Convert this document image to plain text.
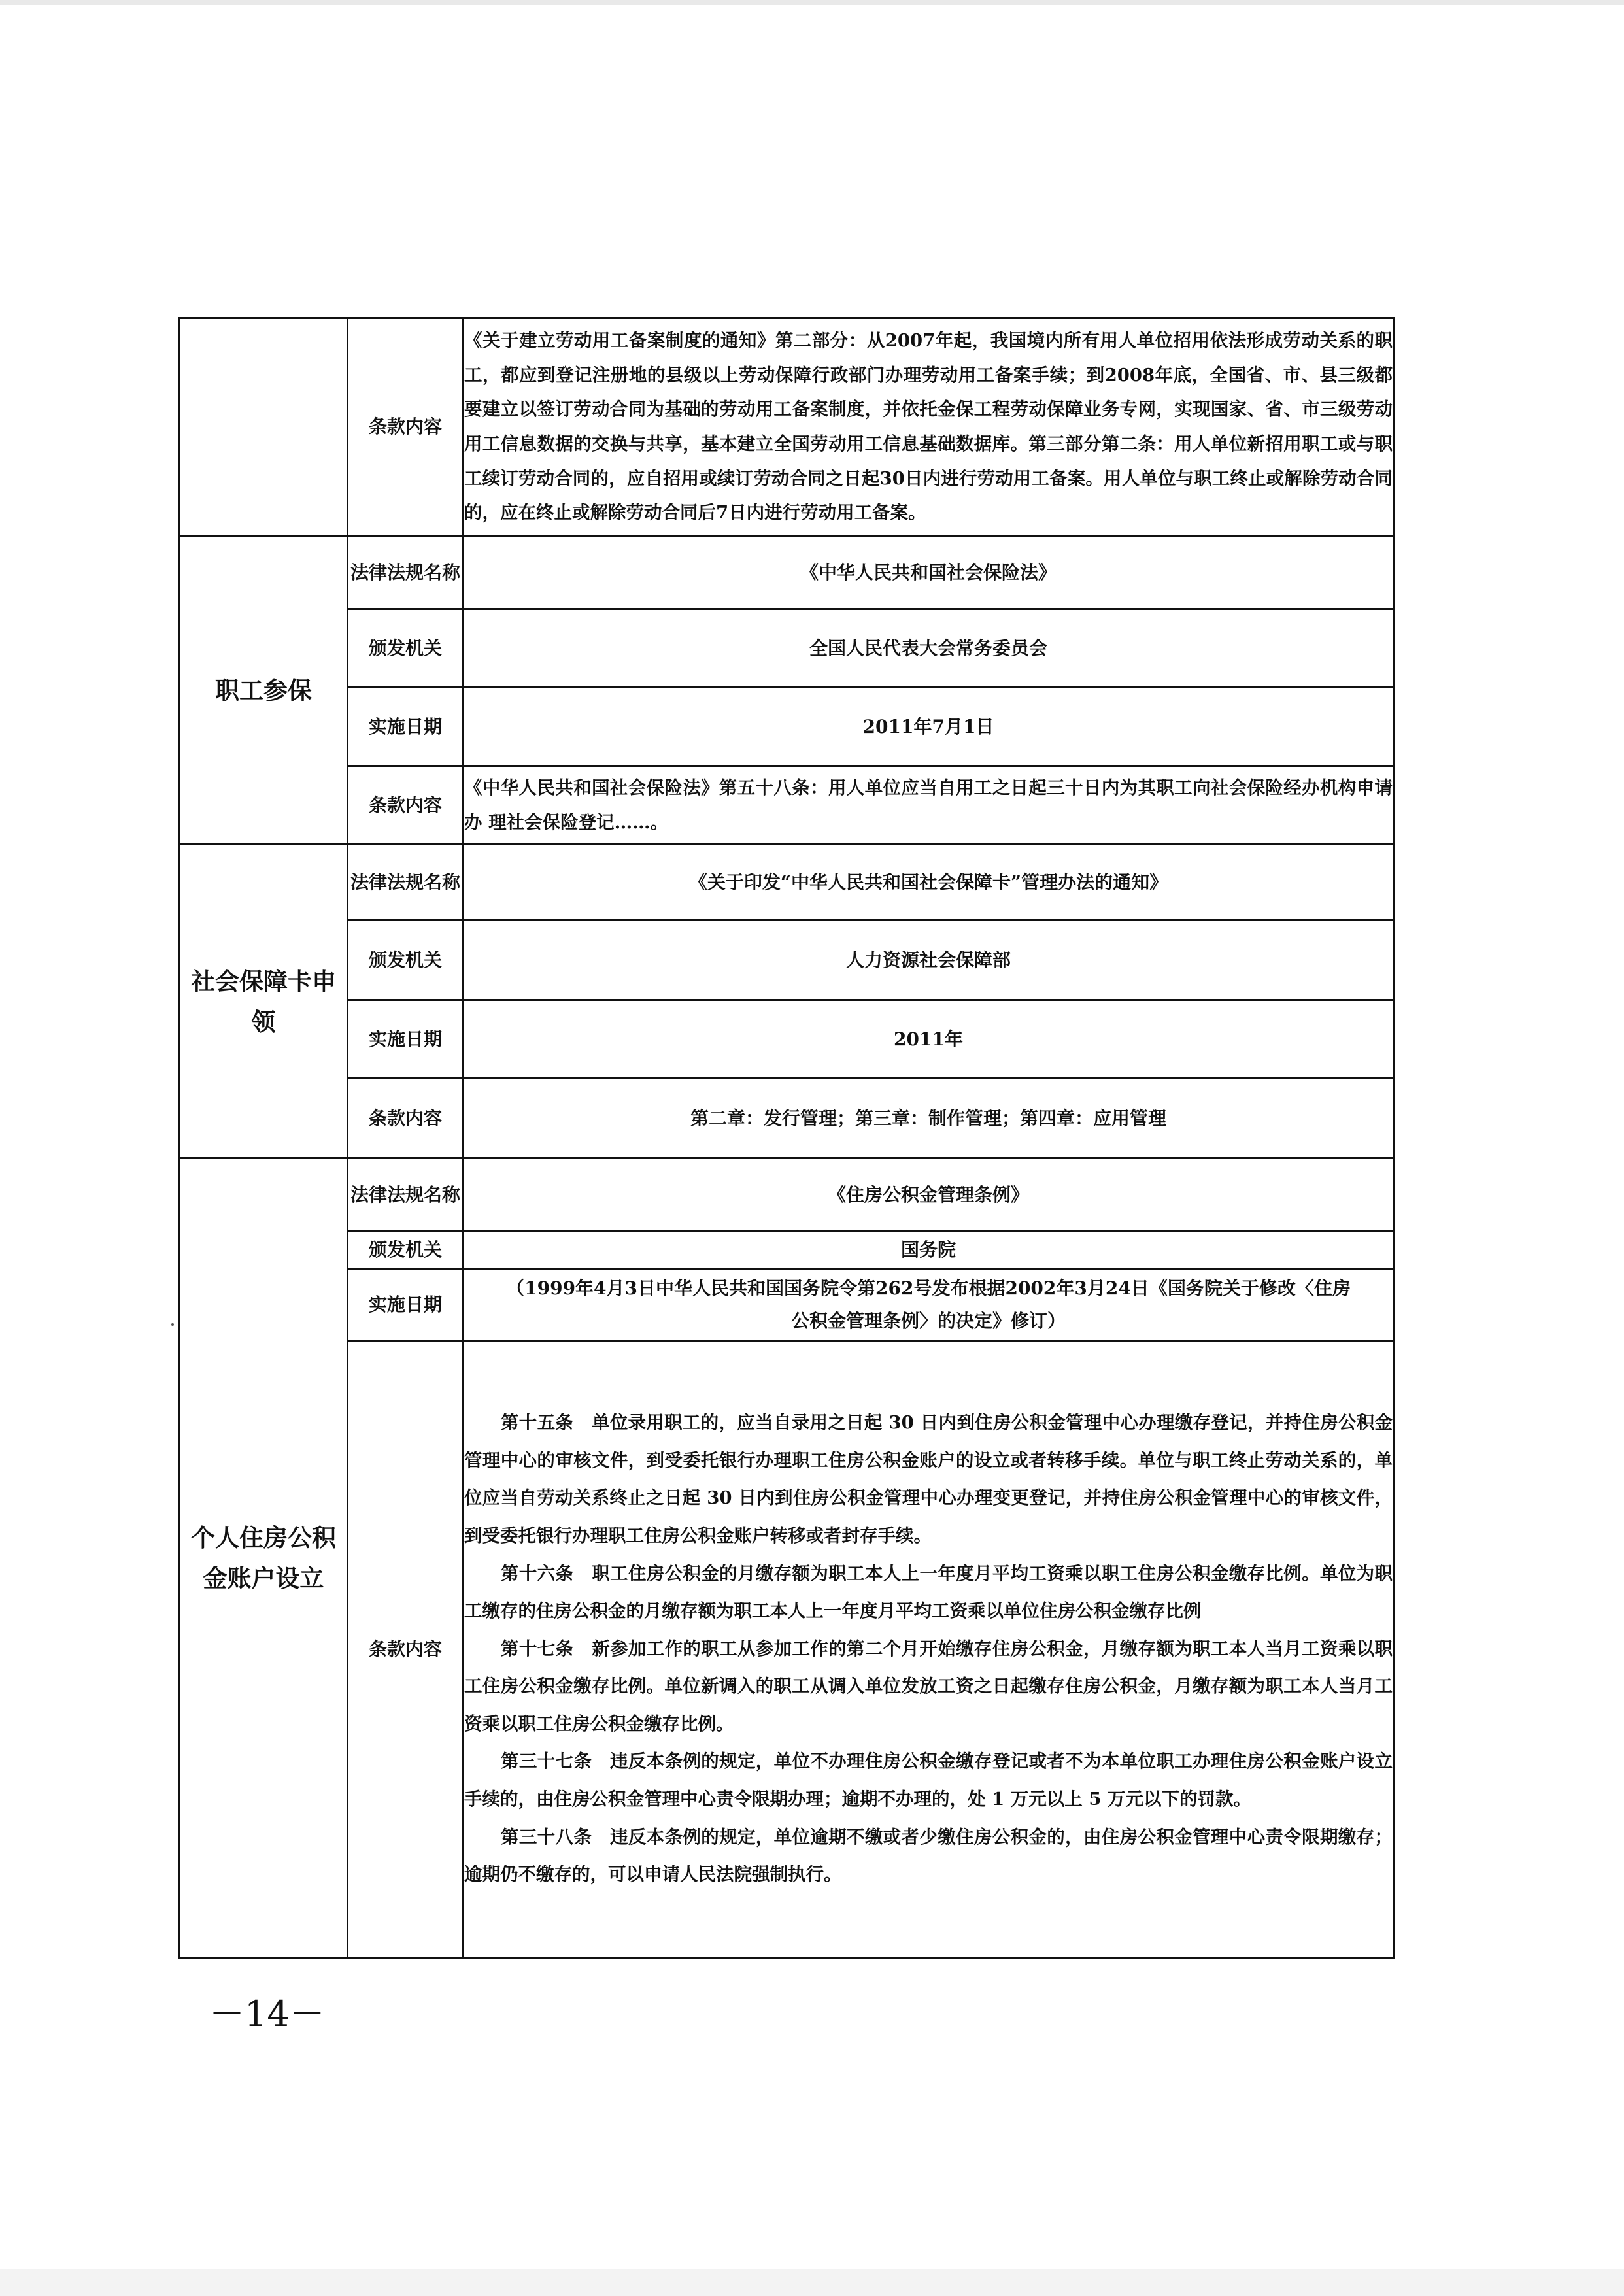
	条款内容	《关于建立劳动用工备案制度的通知》第二部分：从2007年起，我国境内所有用人单位招用依法形成劳动关系的职工，都应到登记注册地的县级以上劳动保障行政部门办理劳动用工备案手续；到2008年底，全国省、市、县三级都要建立以签订劳动合同为基础的劳动用工备案制度，并依托金保工程劳动保障业务专网，实现国家、省、市三级劳动用工信息数据的交换与共享，基本建立全国劳动用工信息基础数据库。第三部分第二条：用人单位新招用职工或与职工续订劳动合同的，应自招用或续订劳动合同之日起30日内进行劳动用工备案。用人单位与职工终止或解除劳动合同的，应在终止或解除劳动合同后7日内进行劳动用工备案。

职工参保	法律法规名称	《中华人民共和国社会保险法》
	颁发机关	全国人民代表大会常务委员会
	实施日期	2011年7月1日
	条款内容	《中华人民共和国社会保险法》第五十八条：用人单位应当自用工之日起三十日内为其职工向社会保险经办机构申请办 理社会保险登记……。

社会保障卡申领	法律法规名称	《关于印发“中华人民共和国社会保障卡”管理办法的通知》
	颁发机关	人力资源社会保障部
	实施日期	2011年
	条款内容	第二章：发行管理；第三章：制作管理；第四章：应用管理
个人住房公积金账户设立	法律法规名称	《住房公积金管理条例》
	颁发机关	国务院
	实施日期	（1999年4月3日中华人民共和国国务院令第262号发布根据2002年3月24日《国务院关于修改〈住房公积金管理条例〉的决定》修订）
	条款内容	第十五条　单位录用职工的，应当自录用之日起 30 日内到住房公积金管理中心办理缴存登记，并持住房公积金管理中心的审核文件，到受委托银行办理职工住房公积金账户的设立或者转移手续。单位与职工终止劳动关系的，单位应当自劳动关系终止之日起 30 日内到住房公积金管理中心办理变更登记，并持住房公积金管理中心的审核文件，到受委托银行办理职工住房公积金账户转移或者封存手续。

第十六条　职工住房公积金的月缴存额为职工本人上一年度月平均工资乘以职工住房公积金缴存比例。单位为职工缴存的住房公积金的月缴存额为职工本人上一年度月平均工资乘以单位住房公积金缴存比例

第十七条　新参加工作的职工从参加工作的第二个月开始缴存住房公积金，月缴存额为职工本人当月工资乘以职工住房公积金缴存比例。单位新调入的职工从调入单位发放工资之日起缴存住房公积金，月缴存额为职工本人当月工资乘以职工住房公积金缴存比例。

第三十七条　违反本条例的规定，单位不办理住房公积金缴存登记或者不为本单位职工办理住房公积金账户设立手续的，由住房公积金管理中心责令限期办理；逾期不办理的，处 1 万元以上 5 万元以下的罚款。

第三十八条　违反本条例的规定，单位逾期不缴或者少缴住房公积金的，由住房公积金管理中心责令限期缴存；逾期仍不缴存的，可以申请人民法院强制执行。

－14－
